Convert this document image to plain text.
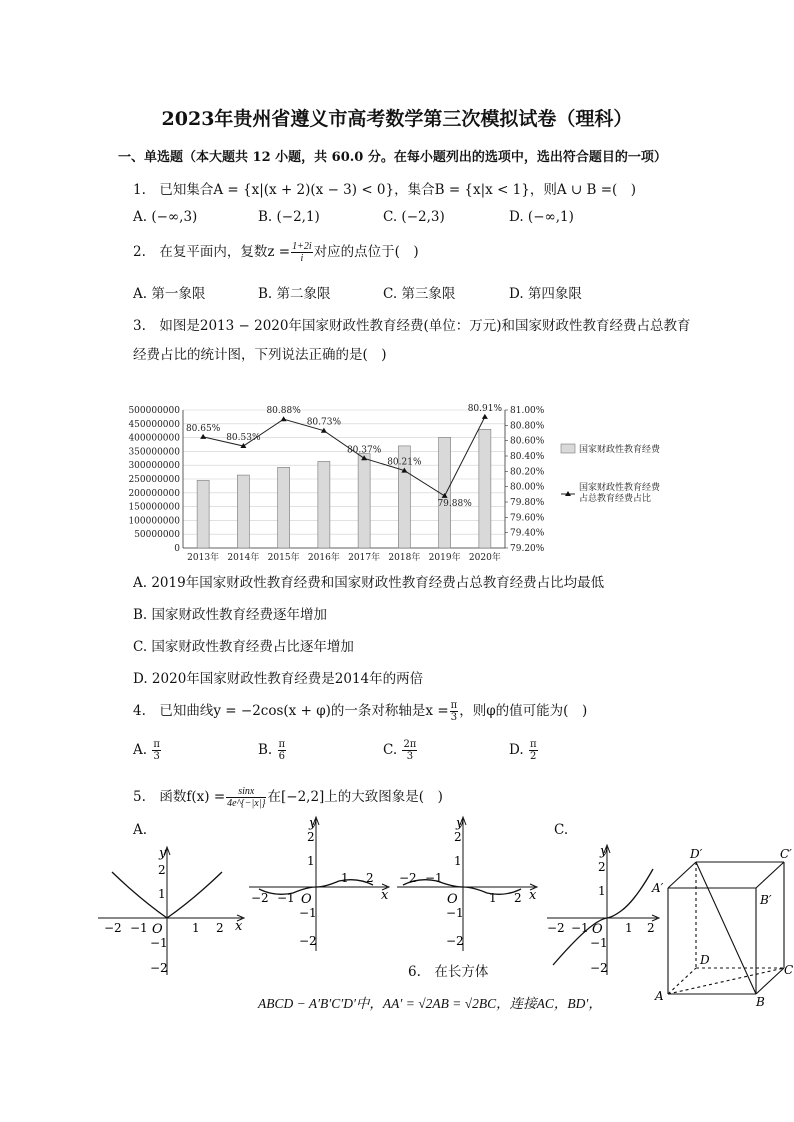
2023年贵州省遵义市高考数学第三次模拟试卷（理科）
一、单选题（本大题共 12 小题，共 60.0 分。在每小题列出的选项中，选出符合题目的一项）
1.　已知集合A = {x|(x + 2)(x − 3) < 0}，集合B = {x|x < 1}，则A ∪ B =(　)
A. (−∞,3)	B. (−2,1)	C. (−2,3)	D. (−∞,1)
2.　在复平面内，复数$z = \frac{1+2i}{i}$ 对应的点位于(　)
A. 第一象限	B. 第二象限	C. 第三象限	D. 第四象限
3.　如图是2013 − 2020年国家财政性教育经费(单位：万元)和国家财政性教育经费占总教育
经费占比的统计图，下列说法正确的是(　)
0
50000000
100000000
150000000
200000000
250000000
300000000
350000000
400000000
450000000
500000000
79.20%
79.40%
79.60%
79.80%
80.00%
80.20%
80.40%
80.60%
80.80%
81.00%
2013年 2014年 2015年 2016年 2017年 2018年 2019年 2020年
80.65%
80.53%
80.88%
80.73%
80.37%
80.21%
79.88%
80.91%
国家财政性教育经费
国家财政性教育经费
占总教育经费占比
A. 2019年国家财政性教育经费和国家财政性教育经费占总教育经费占比均最低
B. 国家财政性教育经费逐年增加
C. 国家财政性教育经费占比逐年增加
D. 2020年国家财政性教育经费是2014年的两倍
4.　已知曲线y = −2cos(x + φ)的一条对称轴是$x = \frac{\pi}{3}$ ，则φ的值可能为(　)
A. $\frac{\pi}{3}$	B. $\frac{\pi}{6}$	C. $\frac{2\pi}{3}$	D. $\frac{\pi}{2}$
5.　函数$f(x) = \frac{\sin x}{4e\^{}\{-|x|\}}$ 在[−2,2]上的大致图象是(　)
A.	C.
y
x
O
2
1
−1
−2
−2 −1	1 2
y
x
O
2
1
−1
−2
−2 −1
1 2
y
x
O
2
1
−1
−2
−2 −1
1 2
y
O
2
1
−1
−2
−2 −1	1 2
6.　在长方体
ABCD − A′B′C′D′中，AA′ = √2AB = √2BC，连接AC，BD′，
D′	C′
A′
B′
D
C
A	B
